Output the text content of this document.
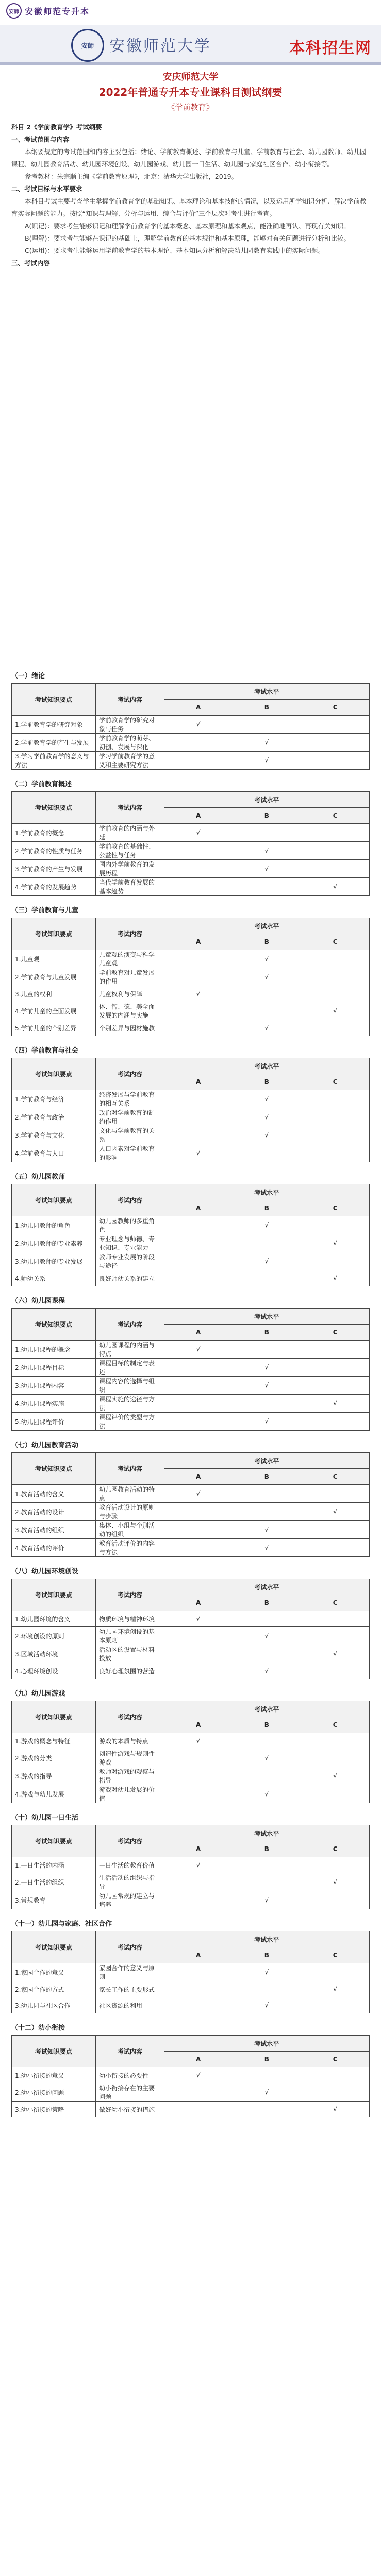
安師 安徽师范专升本
安師	安徽师范大学	本科招生网
安庆师范大学
2022年普通专升本专业课科目测试纲要
《学前教育》

科目 2《学前教育学》考试纲要

一、考试范围与内容

本纲要规定的考试范围和内容主要包括：绪论、学前教育概述、学前教育与儿童、学前教育与社会、幼儿园教师、幼儿园课程、幼儿园教育活动、幼儿园环境创设、幼儿园游戏、幼儿园一日生活、幼儿园与家庭社区合作、幼小衔接等。

参考教材：朱宗顺主编《学前教育原理》，北京：清华大学出版社，2019。

二、考试目标与水平要求

本科目考试主要考查学生掌握学前教育学的基础知识、基本理论和基本技能的情况，以及运用所学知识分析、解决学前教育实际问题的能力。按照“知识与理解、分析与运用、综合与评价”三个层次对考生进行考查。

A(识记)：要求考生能够识记和理解学前教育学的基本概念、基本原理和基本观点，能准确地再认、再现有关知识。

B(理解)：要求考生能够在识记的基础上，理解学前教育的基本规律和基本原理，能够对有关问题进行分析和比较。

C(运用)：要求考生能够运用学前教育学的基本理论、基本知识分析和解决幼儿园教育实践中的实际问题。

三、考试内容

（一）绪论
考试知识要点	考试内容	考试水平		
		A	B	C
1.学前教育学的研究对象	学前教育学的研究对象与任务	√		
2.学前教育学的产生与发展	学前教育学的萌芽、初创、发展与深化		√	
3.学习学前教育学的意义与方法	学习学前教育学的意义和主要研究方法		√	
（二）学前教育概述
考试知识要点	考试内容	考试水平		
		A	B	C
1.学前教育的概念	学前教育的内涵与外延	√		
2.学前教育的性质与任务	学前教育的基础性、公益性与任务		√	
3.学前教育的产生与发展	国内外学前教育的发展历程		√	
4.学前教育的发展趋势	当代学前教育发展的基本趋势			√
（三）学前教育与儿童
考试知识要点	考试内容	考试水平		
		A	B	C
1.儿童观	儿童观的演变与科学儿童观		√	
2.学前教育与儿童发展	学前教育对儿童发展的作用		√	
3.儿童的权利	儿童权利与保障	√		
4.学前儿童的全面发展	体、智、德、美全面发展的内涵与实施			√
5.学前儿童的个别差异	个别差异与因材施教		√	
（四）学前教育与社会
考试知识要点	考试内容	考试水平		
		A	B	C
1.学前教育与经济	经济发展与学前教育的相互关系		√	
2.学前教育与政治	政治对学前教育的制约作用		√	
3.学前教育与文化	文化与学前教育的关系		√	
4.学前教育与人口	人口因素对学前教育的影响	√		
（五）幼儿园教师
考试知识要点	考试内容	考试水平		
		A	B	C
1.幼儿园教师的角色	幼儿园教师的多重角色		√	
2.幼儿园教师的专业素养	专业理念与师德、专业知识、专业能力			√
3.幼儿园教师的专业发展	教师专业发展的阶段与途径		√	
4.师幼关系	良好师幼关系的建立			√
（六）幼儿园课程
考试知识要点	考试内容	考试水平		
		A	B	C
1.幼儿园课程的概念	幼儿园课程的内涵与特点	√		
2.幼儿园课程目标	课程目标的制定与表述		√	
3.幼儿园课程内容	课程内容的选择与组织		√	
4.幼儿园课程实施	课程实施的途径与方法			√
5.幼儿园课程评价	课程评价的类型与方法		√	
（七）幼儿园教育活动
考试知识要点	考试内容	考试水平		
		A	B	C
1.教育活动的含义	幼儿园教育活动的特点	√		
2.教育活动的设计	教育活动设计的原则与步骤			√
3.教育活动的组织	集体、小组与个别活动的组织		√	
4.教育活动的评价	教育活动评价的内容与方法		√	
（八）幼儿园环境创设
考试知识要点	考试内容	考试水平		
		A	B	C
1.幼儿园环境的含义	物质环境与精神环境	√		
2.环境创设的原则	幼儿园环境创设的基本原则		√	
3.区域活动环境	活动区的设置与材料投放			√
4.心理环境创设	良好心理氛围的营造		√	
（九）幼儿园游戏
考试知识要点	考试内容	考试水平		
		A	B	C
1.游戏的概念与特征	游戏的本质与特点	√		
2.游戏的分类	创造性游戏与规则性游戏		√	
3.游戏的指导	教师对游戏的观察与指导			√
4.游戏与幼儿发展	游戏对幼儿发展的价值		√	
（十）幼儿园一日生活
考试知识要点	考试内容	考试水平		
		A	B	C
1.一日生活的内涵	一日生活的教育价值	√		
2.一日生活的组织	生活活动的组织与指导			√
3.常规教育	幼儿园常规的建立与培养		√	
（十一）幼儿园与家庭、社区合作
考试知识要点	考试内容	考试水平		
		A	B	C
1.家园合作的意义	家园合作的意义与原则		√	
2.家园合作的方式	家长工作的主要形式			√
3.幼儿园与社区合作	社区资源的利用		√	
（十二）幼小衔接
考试知识要点	考试内容	考试水平		
		A	B	C
1.幼小衔接的意义	幼小衔接的必要性	√		
2.幼小衔接的问题	幼小衔接存在的主要问题		√	
3.幼小衔接的策略	做好幼小衔接的措施			√
